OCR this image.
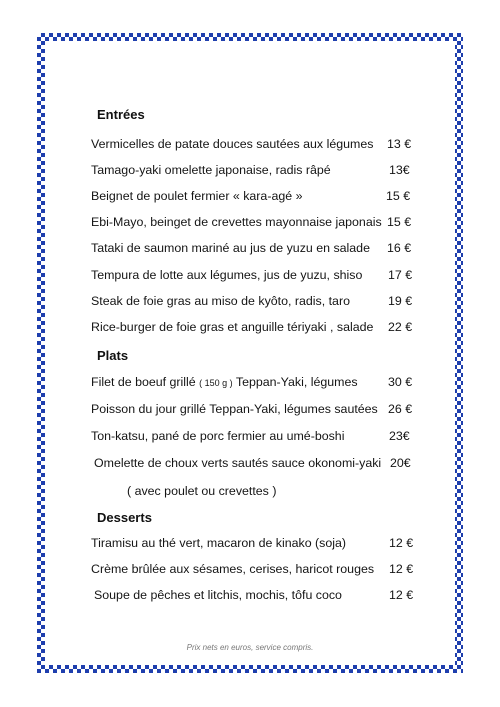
Entrées
Vermicelles de patate douces sautées aux légumes 13 €
Tamago-yaki omelette japonaise, radis râpé	13€
Beignet de poulet fermier « kara-agé »	15 €
Ebi-Mayo, beinget de crevettes mayonnaise japonais 15 €
Tataki de saumon mariné au jus de yuzu en salade 16 €
Tempura de lotte aux légumes, jus de yuzu, shiso 17 €
Steak de foie gras au miso de kyôto, radis, taro	19 €
Rice-burger de foie gras et anguille tériyaki , salade 22 €
Plats
Filet de boeuf grillé ( 150 g ) Teppan-Yaki, légumes 30 €
Poisson du jour grillé Teppan-Yaki, légumes sautées 26 €
Ton-katsu, pané de porc fermier au umé-boshi	23€
Omelette de choux verts sautés sauce okonomi-yaki 20€
( avec poulet ou crevettes )
Desserts
Tiramisu au thé vert, macaron de kinako (soja)	12 €
Crème brûlée aux sésames, cerises, haricot rouges 12 €
Soupe de pêches et litchis, mochis, tôfu coco	12 €
Prix nets en euros, service compris.
